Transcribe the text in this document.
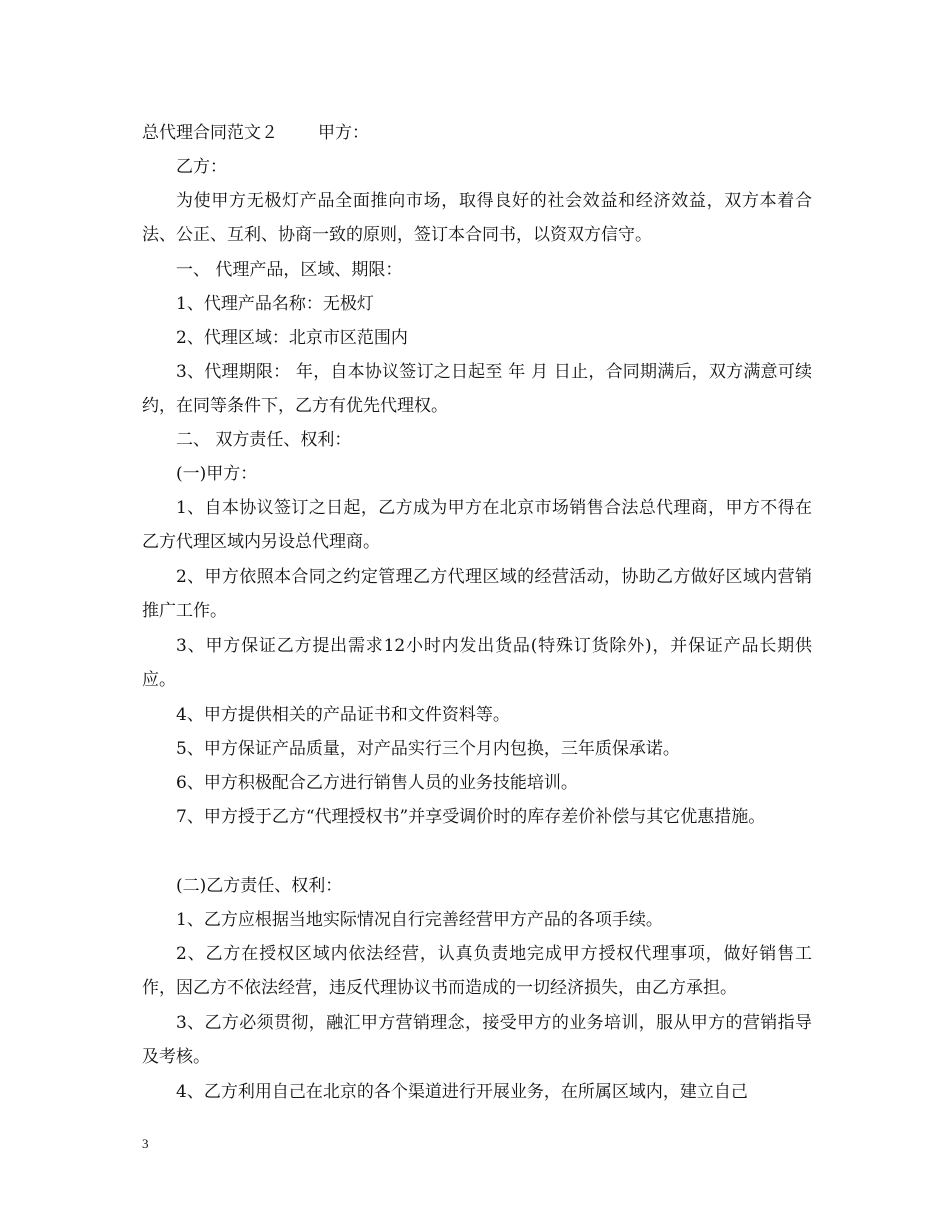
总代理合同范文２ 甲方：

乙方：

为使甲方无极灯产品全面推向市场，取得良好的社会效益和经济效益，双方本着合法、公正、互利、协商一致的原则，签订本合同书，以资双方信守。

一、 代理产品，区域、期限：

1、代理产品名称：无极灯

2、代理区域：北京市区范围内

3、代理期限： 年，自本协议签订之日起至 年 月 日止，合同期满后，双方满意可续约，在同等条件下，乙方有优先代理权。

二、 双方责任、权利：

(一)甲方：

1、自本协议签订之日起，乙方成为甲方在北京市场销售合法总代理商，甲方不得在乙方代理区域内另设总代理商。

2、甲方依照本合同之约定管理乙方代理区域的经营活动，协助乙方做好区域内营销推广工作。

3、甲方保证乙方提出需求12小时内发出货品(特殊订货除外)，并保证产品长期供应。

4、甲方提供相关的产品证书和文件资料等。

5、甲方保证产品质量，对产品实行三个月内包换，三年质保承诺。

6、甲方积极配合乙方进行销售人员的业务技能培训。

7、甲方授于乙方“代理授权书”并享受调价时的库存差价补偿与其它优惠措施。

(二)乙方责任、权利：

1、乙方应根据当地实际情况自行完善经营甲方产品的各项手续。

2、乙方在授权区域内依法经营，认真负责地完成甲方授权代理事项，做好销售工作，因乙方不依法经营，违反代理协议书而造成的一切经济损失，由乙方承担。

3、乙方必须贯彻，融汇甲方营销理念，接受甲方的业务培训，服从甲方的营销指导及考核。

4、乙方利用自己在北京的各个渠道进行开展业务，在所属区域内，建立自己

3
